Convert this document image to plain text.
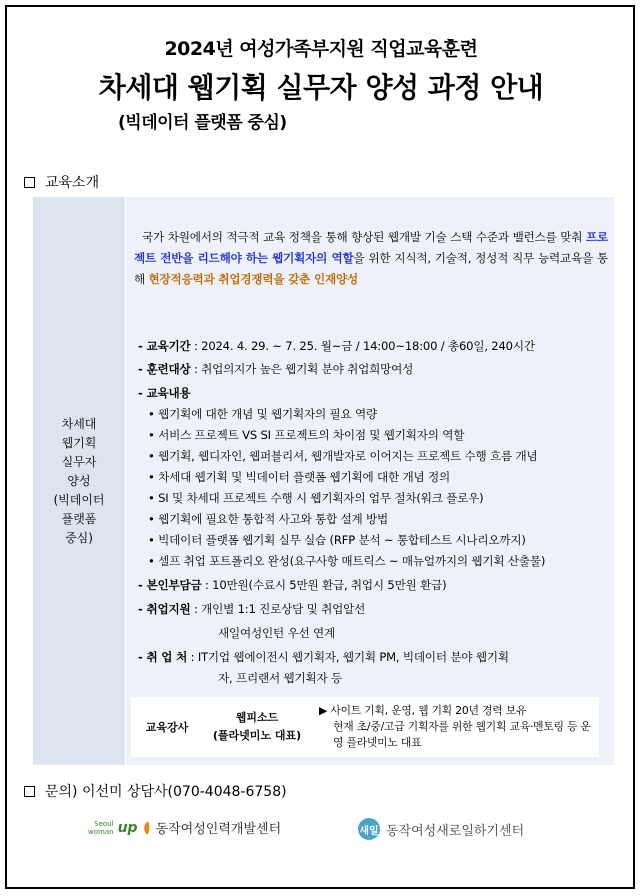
2024년 여성가족부지원 직업교육훈련
차세대 웹기획 실무자 양성 과정 안내
(빅데이터 플랫폼 중심)
교육소개
차세대
웹기획
실무자
양성
(빅데이터
플랫폼
중심)
국가 차원에서의 적극적 교육 정책을 통해 향상된 웹개발 기술 스택 수준과 밸런스를 맞춰 프로젝트 전반을 리드해야 하는 웹기획자의 역할을 위한 지식적, 기술적, 정성적 직무 능력교육을 통해 현장적응력과 취업경쟁력을 갖춘 인재양성
- 교육기간 : 2024. 4. 29. ~ 7. 25. 월~금 / 14:00~18:00 / 총60일, 240시간
- 훈련대상 : 취업의지가 높은 웹기획 분야 취업희망여성
- 교육내용
• 웹기획에 대한 개념 및 웹기획자의 필요 역량
• 서비스 프로젝트 VS SI 프로젝트의 차이점 및 웹기획자의 역할
• 웹기획, 웹디자인, 웹퍼블리셔, 웹개발자로 이어지는 프로젝트 수행 흐름 개념
• 차세대 웹기획 및 빅데이터 플랫폼 웹기획에 대한 개념 정의
• SI 및 차세대 프로젝트 수행 시 웹기획자의 업무 절차(워크 플로우)
• 웹기획에 필요한 통합적 사고와 통합 설계 방법
• 빅데이터 플랫폼 웹기획 실무 실습 (RFP 분석 ~ 통합테스트 시나리오까지)
• 셀프 취업 포트폴리오 완성(요구사항 매트릭스 ~ 매뉴얼까지의 웹기획 산출물)
- 본인부담금 : 10만원(수료시 5만원 환급, 취업시 5만원 환급)
- 취업지원 : 개인별 1:1 진로상담 및 취업알선
새일여성인턴 우선 연계
- 취 업 처 : IT기업 웹에이전시 웹기획자, 웹기획 PM, 빅데이터 분야 웹기획
자, 프리랜서 웹기획자 등
교육강사
웹피소드
(플라넷미노 대표)
▶ 사이트 기획, 운영, 웹 기획 20년 경력 보유
현재 초/중/고급 기획자를 위한 웹기획 교육·멘토링 등 운영 플라넷미노 대표
문의) 이선미 상담사(070-4048-6758)
Seoul
woman up 동작여성인력개발센터	새일 동작여성새로일하기센터
